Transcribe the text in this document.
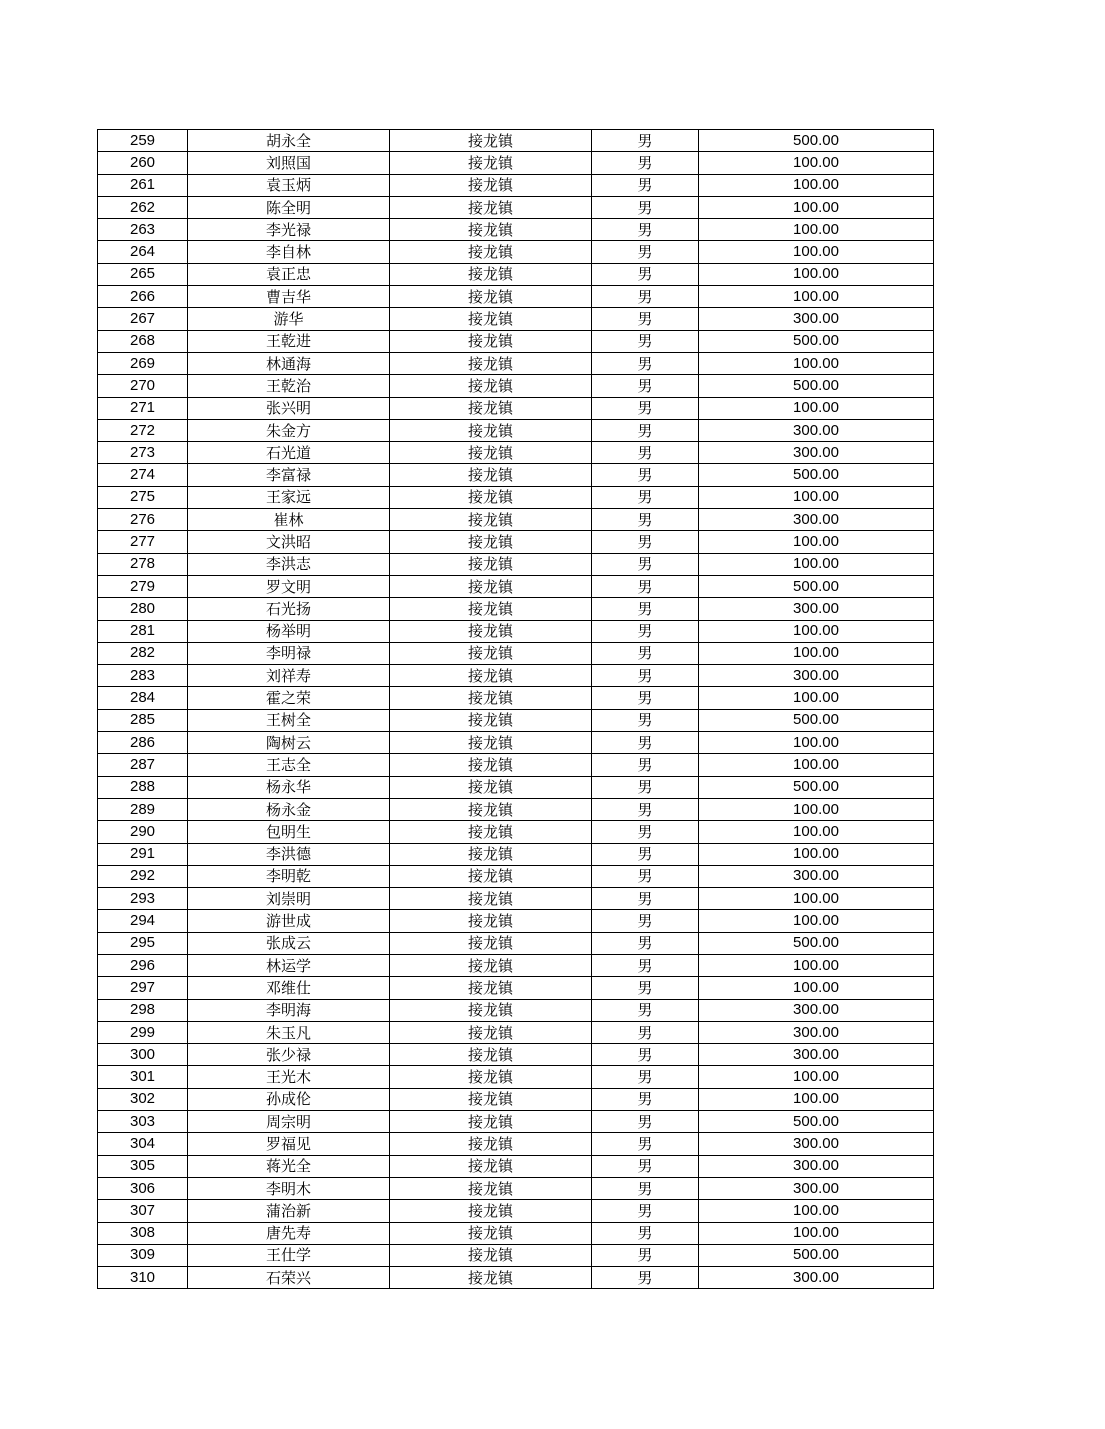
259	胡永全	接龙镇	男	500.00
260	刘照国	接龙镇	男	100.00
261	袁玉炳	接龙镇	男	100.00
262	陈全明	接龙镇	男	100.00
263	李光禄	接龙镇	男	100.00
264	李自林	接龙镇	男	100.00
265	袁正忠	接龙镇	男	100.00
266	曹吉华	接龙镇	男	100.00
267	游华	接龙镇	男	300.00
268	王乾进	接龙镇	男	500.00
269	林通海	接龙镇	男	100.00
270	王乾治	接龙镇	男	500.00
271	张兴明	接龙镇	男	100.00
272	朱金方	接龙镇	男	300.00
273	石光道	接龙镇	男	300.00
274	李富禄	接龙镇	男	500.00
275	王家远	接龙镇	男	100.00
276	崔林	接龙镇	男	300.00
277	文洪昭	接龙镇	男	100.00
278	李洪志	接龙镇	男	100.00
279	罗文明	接龙镇	男	500.00
280	石光扬	接龙镇	男	300.00
281	杨举明	接龙镇	男	100.00
282	李明禄	接龙镇	男	100.00
283	刘祥寿	接龙镇	男	300.00
284	霍之荣	接龙镇	男	100.00
285	王树全	接龙镇	男	500.00
286	陶树云	接龙镇	男	100.00
287	王志全	接龙镇	男	100.00
288	杨永华	接龙镇	男	500.00
289	杨永金	接龙镇	男	100.00
290	包明生	接龙镇	男	100.00
291	李洪德	接龙镇	男	100.00
292	李明乾	接龙镇	男	300.00
293	刘崇明	接龙镇	男	100.00
294	游世成	接龙镇	男	100.00
295	张成云	接龙镇	男	500.00
296	林运学	接龙镇	男	100.00
297	邓维仕	接龙镇	男	100.00
298	李明海	接龙镇	男	300.00
299	朱玉凡	接龙镇	男	300.00
300	张少禄	接龙镇	男	300.00
301	王光木	接龙镇	男	100.00
302	孙成伦	接龙镇	男	100.00
303	周宗明	接龙镇	男	500.00
304	罗福见	接龙镇	男	300.00
305	蒋光全	接龙镇	男	300.00
306	李明木	接龙镇	男	300.00
307	蒲治新	接龙镇	男	100.00
308	唐先寿	接龙镇	男	100.00
309	王仕学	接龙镇	男	500.00
310	石荣兴	接龙镇	男	300.00
